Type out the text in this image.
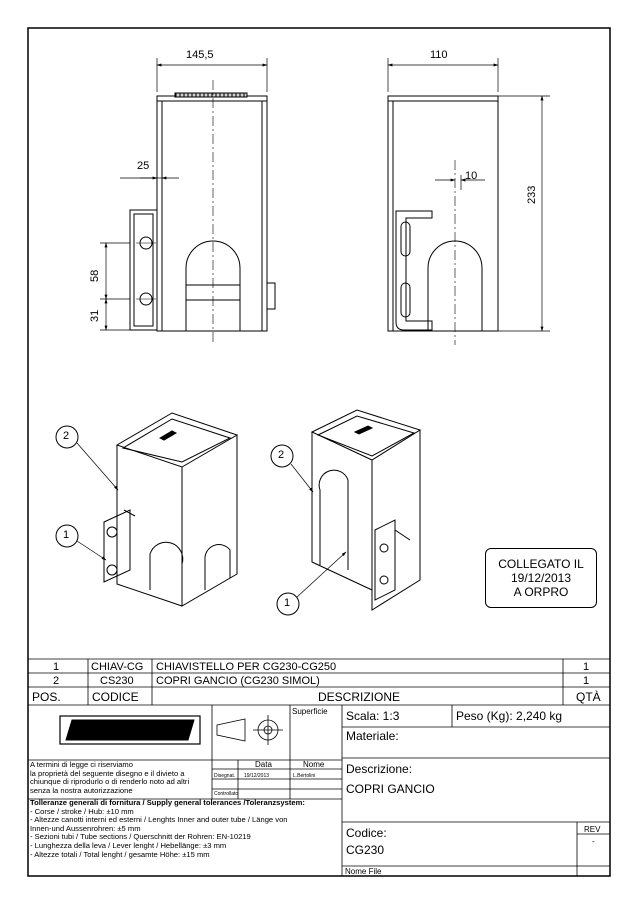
145,5	110
25
10
233
58
31
2
1
2
1
COLLEGATO IL
19/12/2013
A ORPRO
1	CHIAV-CG CHIAVISTELLO PER CG230-CG250	1
2	CS230 COPRI GANCIO (CG230 SIMOL)	1
POS.	CODICE	DESCRIZIONE	QTÀ
Superficie Scala: 1:3	Peso (Kg): 2,240 kg
Materiale:
Data	Nome
Disegnat. 19/12/2013	L.Bertolini
Controllato
Descrizione:
COPRI GANCIO
Codice:
CG230
REV
-
Nome File
A termini di legge ci riserviamo
la proprietà del seguente disegno e il divieto a
chiunque di riprodurlo o di renderlo noto ad altri
senza la nostra autorizzazione
Tolleranze generali di fornitura / Supply general tolerances /Toleranzsystem:
- Corse / stroke / Hub: ±10 mm
- Altezze canotti interni ed esterni / Lenghts Inner and outer tube / Länge von
Innen-und Aussenrohren: ±5 mm
- Sezioni tubi / Tube sections / Querschnitt der Rohren: EN-10219
- Lunghezza della leva / Lever lenght / Hebellänge: ±3 mm
- Altezze totali / Total lenght / gesamte Höhe: ±15 mm
